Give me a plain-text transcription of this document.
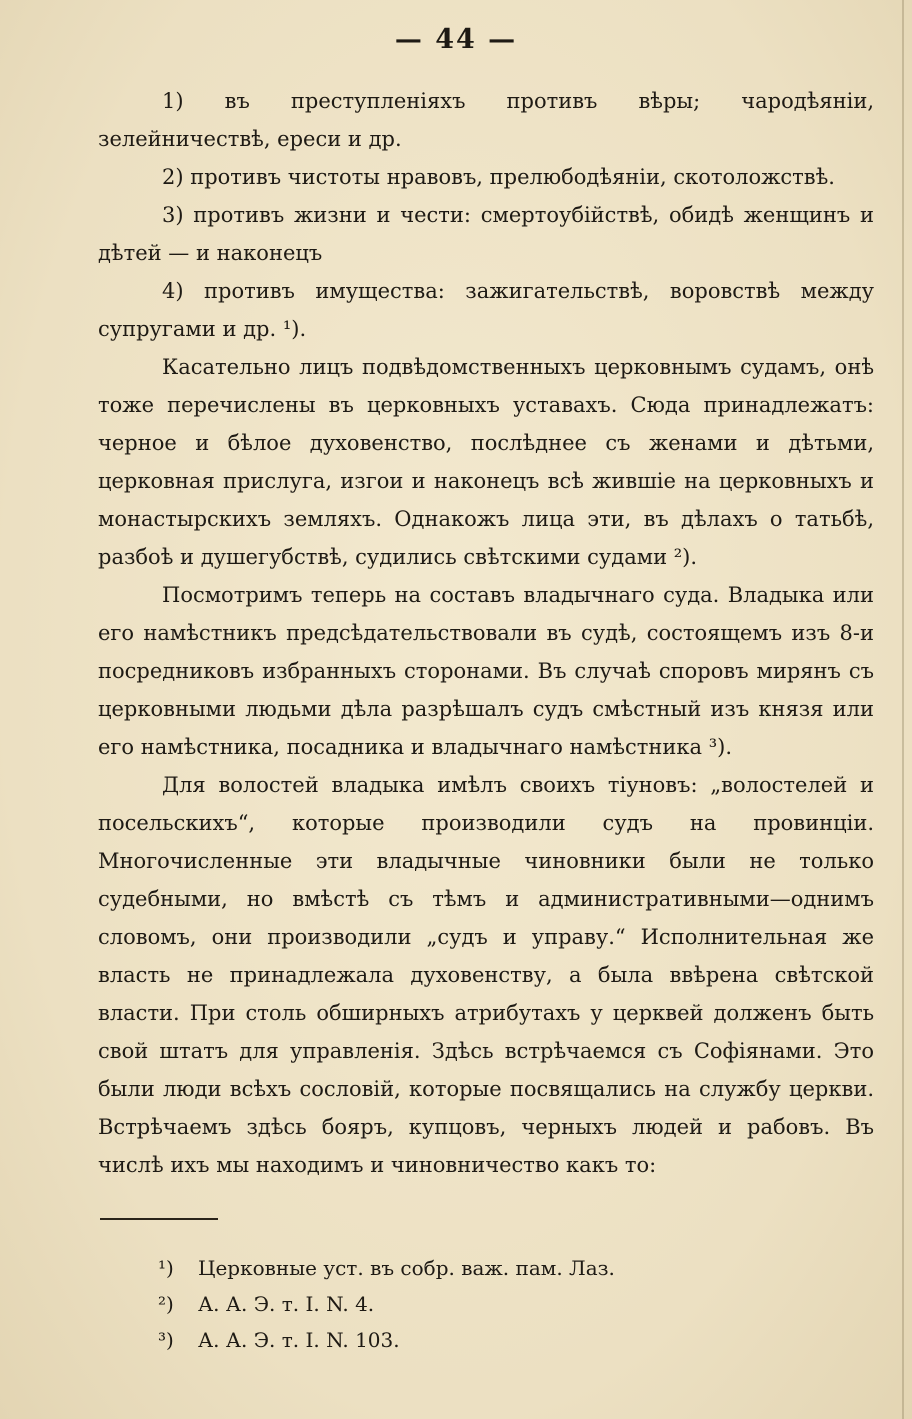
— 44 —

1) въ преступленіяхъ противъ вѣры; чародѣяніи, зелейничествѣ, ереси и др.

2) противъ чистоты нравовъ, прелюбодѣяніи, скотоложствѣ.

3) противъ жизни и чести: смертоубійствѣ, обидѣ женщинъ и дѣтей — и наконецъ

4) противъ имущества: зажигательствѣ, воровствѣ между супругами и др. ¹).

Касательно лицъ подвѣдомственныхъ церковнымъ судамъ, онѣ тоже перечислены въ церковныхъ уставахъ. Сюда принадлежатъ: черное и бѣлое духовенство, послѣднее съ женами и дѣтьми, церковная прислуга, изгои и наконецъ всѣ жившіе на церковныхъ и монастырскихъ земляхъ. Однакожъ лица эти, въ дѣлахъ о татьбѣ, разбоѣ и душегубствѣ, судились свѣтскими судами ²).

Посмотримъ теперь на составъ владычнаго суда. Владыка или его намѣстникъ предсѣдательствовали въ судѣ, состоящемъ изъ 8-и посредниковъ избранныхъ сторонами. Въ случаѣ споровъ мирянъ съ церковными людьми дѣла разрѣшалъ судъ смѣстный изъ князя или его намѣстника, посадника и владычнаго намѣстника ³).

Для волостей владыка имѣлъ своихъ тіуновъ: „волостелей и посельскихъ“, которые производили судъ на провинціи. Многочисленные эти владычные чиновники были не только судебными, но вмѣстѣ съ тѣмъ и административными—однимъ словомъ, они производили „судъ и управу.“ Исполнительная же власть не принадлежала духовенству, а была ввѣрена свѣтской власти. При столь обширныхъ атрибутахъ у церквей долженъ быть свой штатъ для управленія. Здѣсь встрѣчаемся съ Софіянами. Это были люди всѣхъ сословій, которые посвящались на службу церкви. Встрѣчаемъ здѣсь бояръ, купцовъ, черныхъ людей и рабовъ. Въ числѣ ихъ мы находимъ и чиновничество какъ то:

¹)	Церковные уст. въ собр. важ. пам. Лаз.
²)	А. А. Э. т. I. N. 4.
³)	А. А. Э. т. I. N. 103.
